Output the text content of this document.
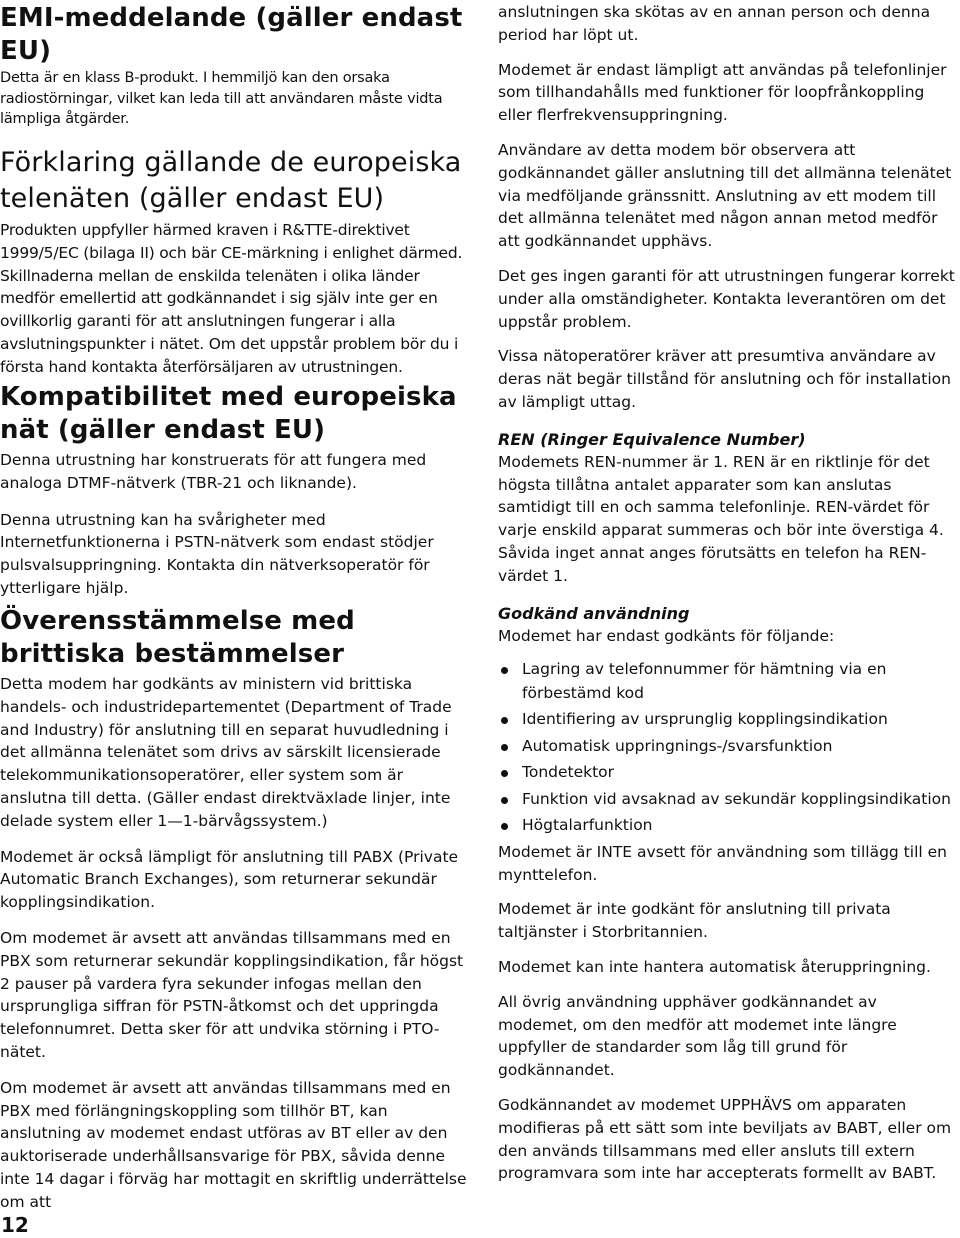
EMI-meddelande (gäller endast EU)

Detta är en klass B-produkt. I hemmiljö kan den orsaka radiostörningar, vilket kan leda till att användaren måste vidta lämpliga åtgärder.

Förklaring gällande de europeiska telenäten (gäller endast EU)

Produkten uppfyller härmed kraven i R&TTE-direktivet 1999/5/EC (bilaga II) och bär CE-märkning i enlighet därmed. Skillnaderna mellan de enskilda telenäten i olika länder medför emellertid att godkännandet i sig själv inte ger en ovillkorlig garanti för att anslutningen fungerar i alla avslutningspunkter i nätet. Om det uppstår problem bör du i första hand kontakta återförsäljaren av utrustningen.

Kompatibilitet med europeiska nät (gäller endast EU)

Denna utrustning har konstruerats för att fungera med analoga DTMF-nätverk (TBR-21 och liknande).

Denna utrustning kan ha svårigheter med Internetfunktionerna i PSTN-nätverk som endast stödjer pulsvalsuppringning. Kontakta din nätverksoperatör för ytterligare hjälp.

Överensstämmelse med brittiska bestämmelser

Detta modem har godkänts av ministern vid brittiska handels- och industridepartementet (Department of Trade and Industry) för anslutning till en separat huvudledning i det allmänna telenätet som drivs av särskilt licensierade telekommunikationsoperatörer, eller system som är anslutna till detta. (Gäller endast direktväxlade linjer, inte delade system eller 1—1-bärvågssystem.)

Modemet är också lämpligt för anslutning till PABX (Private Automatic Branch Exchanges), som returnerar sekundär kopplingsindikation.

Om modemet är avsett att användas tillsammans med en PBX som returnerar sekundär kopplingsindikation, får högst 2 pauser på vardera fyra sekunder infogas mellan den ursprungliga siffran för PSTN-åtkomst och det uppringda telefonnumret. Detta sker för att undvika störning i PTO-nätet.

Om modemet är avsett att användas tillsammans med en PBX med förlängningskoppling som tillhör BT, kan anslutning av modemet endast utföras av BT eller av den auktoriserade underhållsansvarige för PBX, såvida denne inte 14 dagar i förväg har mottagit en skriftlig underrättelse om att

anslutningen ska skötas av en annan person och denna period har löpt ut.

Modemet är endast lämpligt att användas på telefonlinjer som tillhandahålls med funktioner för loopfrånkoppling eller flerfrekvensuppringning.

Användare av detta modem bör observera att godkännandet gäller anslutning till det allmänna telenätet via medföljande gränssnitt. Anslutning av ett modem till det allmänna telenätet med någon annan metod medför att godkännandet upphävs.

Det ges ingen garanti för att utrustningen fungerar korrekt under alla omständigheter. Kontakta leverantören om det uppstår problem.

Vissa nätoperatörer kräver att presumtiva användare av deras nät begär tillstånd för anslutning och för installation av lämpligt uttag.

REN (Ringer Equivalence Number)

Modemets REN-nummer är 1. REN är en riktlinje för det högsta tillåtna antalet apparater som kan anslutas samtidigt till en och samma telefonlinje. REN-värdet för varje enskild apparat summeras och bör inte överstiga 4. Såvida inget annat anges förutsätts en telefon ha REN-värdet 1.

Godkänd användning

Modemet har endast godkänts för följande:

Lagring av telefonnummer för hämtning via en förbestämd kod
Identifiering av ursprunglig kopplingsindikation
Automatisk uppringnings-/svarsfunktion
Tondetektor
Funktion vid avsaknad av sekundär kopplingsindikation
Högtalarfunktion

Modemet är INTE avsett för användning som tillägg till en mynttelefon.

Modemet är inte godkänt för anslutning till privata taltjänster i Storbritannien.

Modemet kan inte hantera automatisk återuppringning.

All övrig användning upphäver godkännandet av modemet, om den medför att modemet inte längre uppfyller de standarder som låg till grund för godkännandet.

Godkännandet av modemet UPPHÄVS om apparaten modifieras på ett sätt som inte beviljats av BABT, eller om den används tillsammans med eller ansluts till extern programvara som inte har accepterats formellt av BABT.

12
